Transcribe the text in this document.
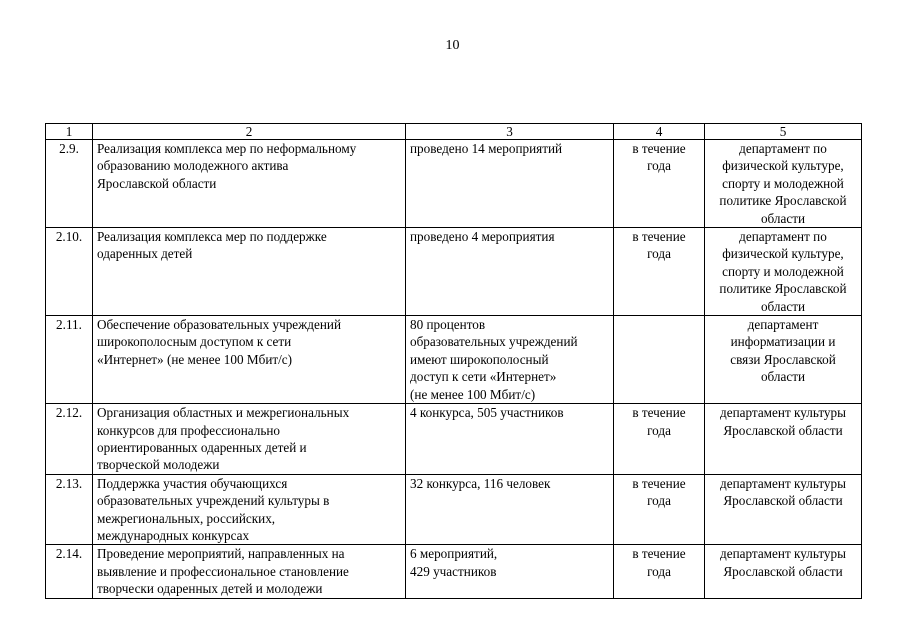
10
1	2	3	4	5
2.9.	Реализация комплекса мер по неформальному
образованию молодежного актива
Ярославской области	проведено 14 мероприятий	в течение
года	департамент по
физической культуре,
спорту и молодежной
политике Ярославской
области

2.10.	Реализация комплекса мер по поддержке
одаренных детей	проведено 4 мероприятия	в течение
года	департамент по
физической культуре,
спорту и молодежной
политике Ярославской
области

2.11.	Обеспечение образовательных учреждений
широкополосным доступом к сети
«Интернет» (не менее 100 Мбит/с)	80 процентов
образовательных учреждений
имеют широкополосный
доступ к сети «Интернет»
(не менее 100 Мбит/с)		департамент
информатизации и
связи Ярославской
области

2.12.	Организация областных и межрегиональных
конкурсов для профессионально
ориентированных одаренных детей и
творческой молодежи	4 конкурса, 505 участников	в течение
года	департамент культуры
Ярославской области

2.13.	Поддержка участия обучающихся
образовательных учреждений культуры в
межрегиональных, российских,
международных конкурсах	32 конкурса, 116 человек	в течение
года	департамент культуры
Ярославской области

2.14.	Проведение мероприятий, направленных на
выявление и профессиональное становление
творчески одаренных детей и молодежи	6 мероприятий,
429 участников	в течение
года	департамент культуры
Ярославской области
